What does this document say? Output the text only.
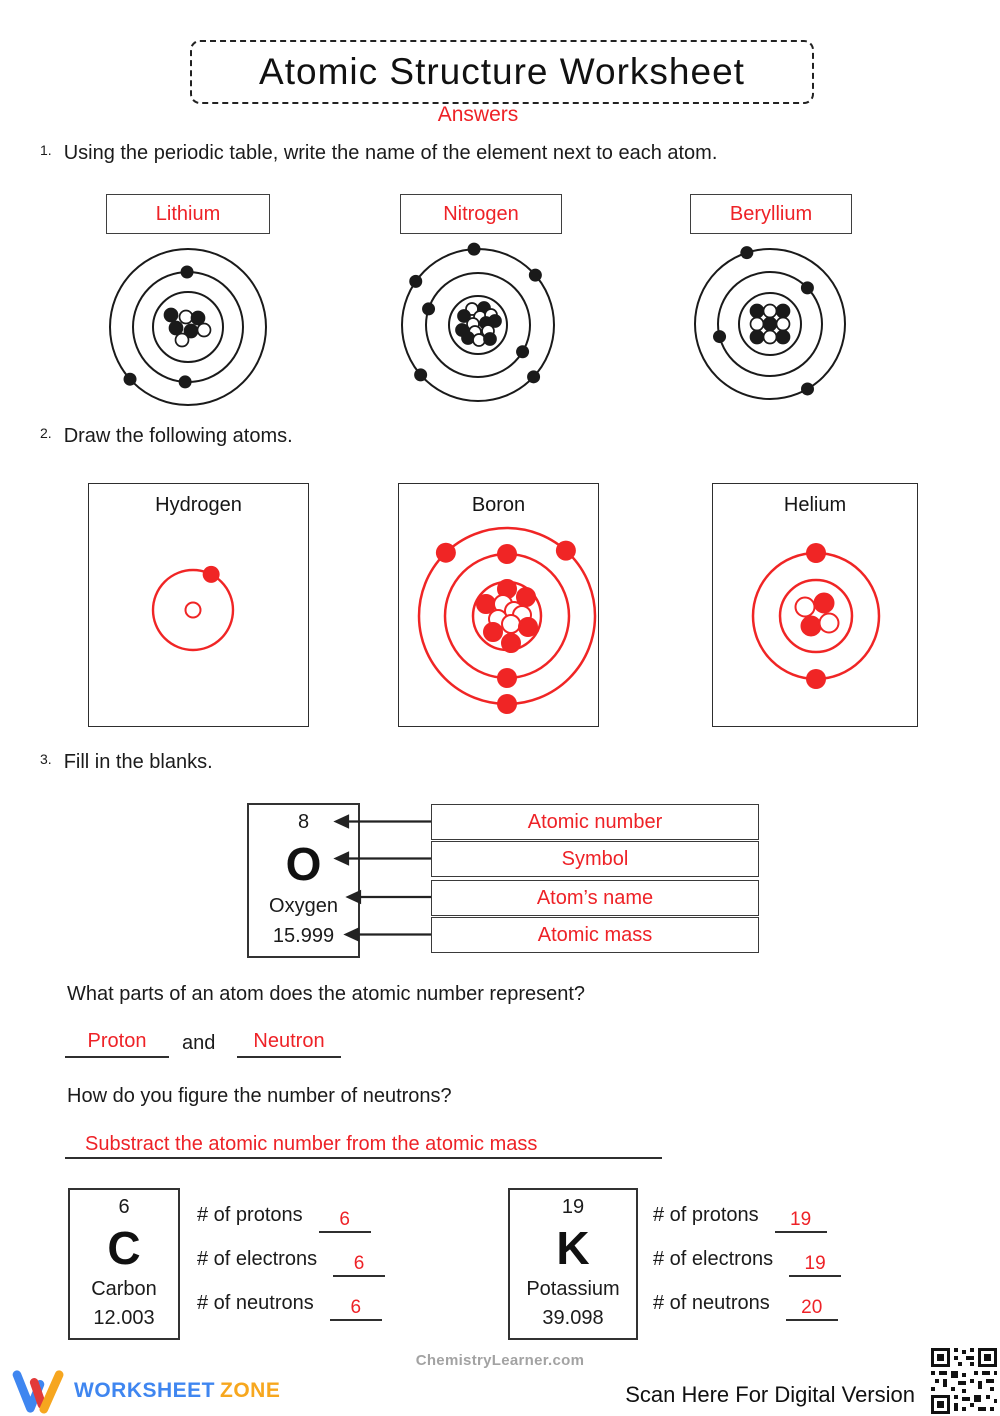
Atomic Structure Worksheet
Answers
$^{1.}$ Using the periodic table, write the name of the element next to each atom.
Lithium	Nitrogen	Beryllium
$^{2.}$ Draw the following atoms.
Hydrogen	Boron	Helium
$^{3.}$ Fill in the blanks.
8
O
Oxygen
15.999
Atomic number
Symbol
Atom’s name
Atomic mass
What parts of an atom does the atomic number represent?
Proton	and	Neutron
How do you figure the number of neutrons?
Substract the atomic number from the atomic mass
6
C
Carbon
12.003
# of protons	6
# of electrons	6
# of neutrons	6
19
K
Potassium
39.098
# of protons	19
# of electrons	19
# of neutrons	20
ChemistryLearner.com
WORKSHEET ZONE	Scan Here For Digital Version
